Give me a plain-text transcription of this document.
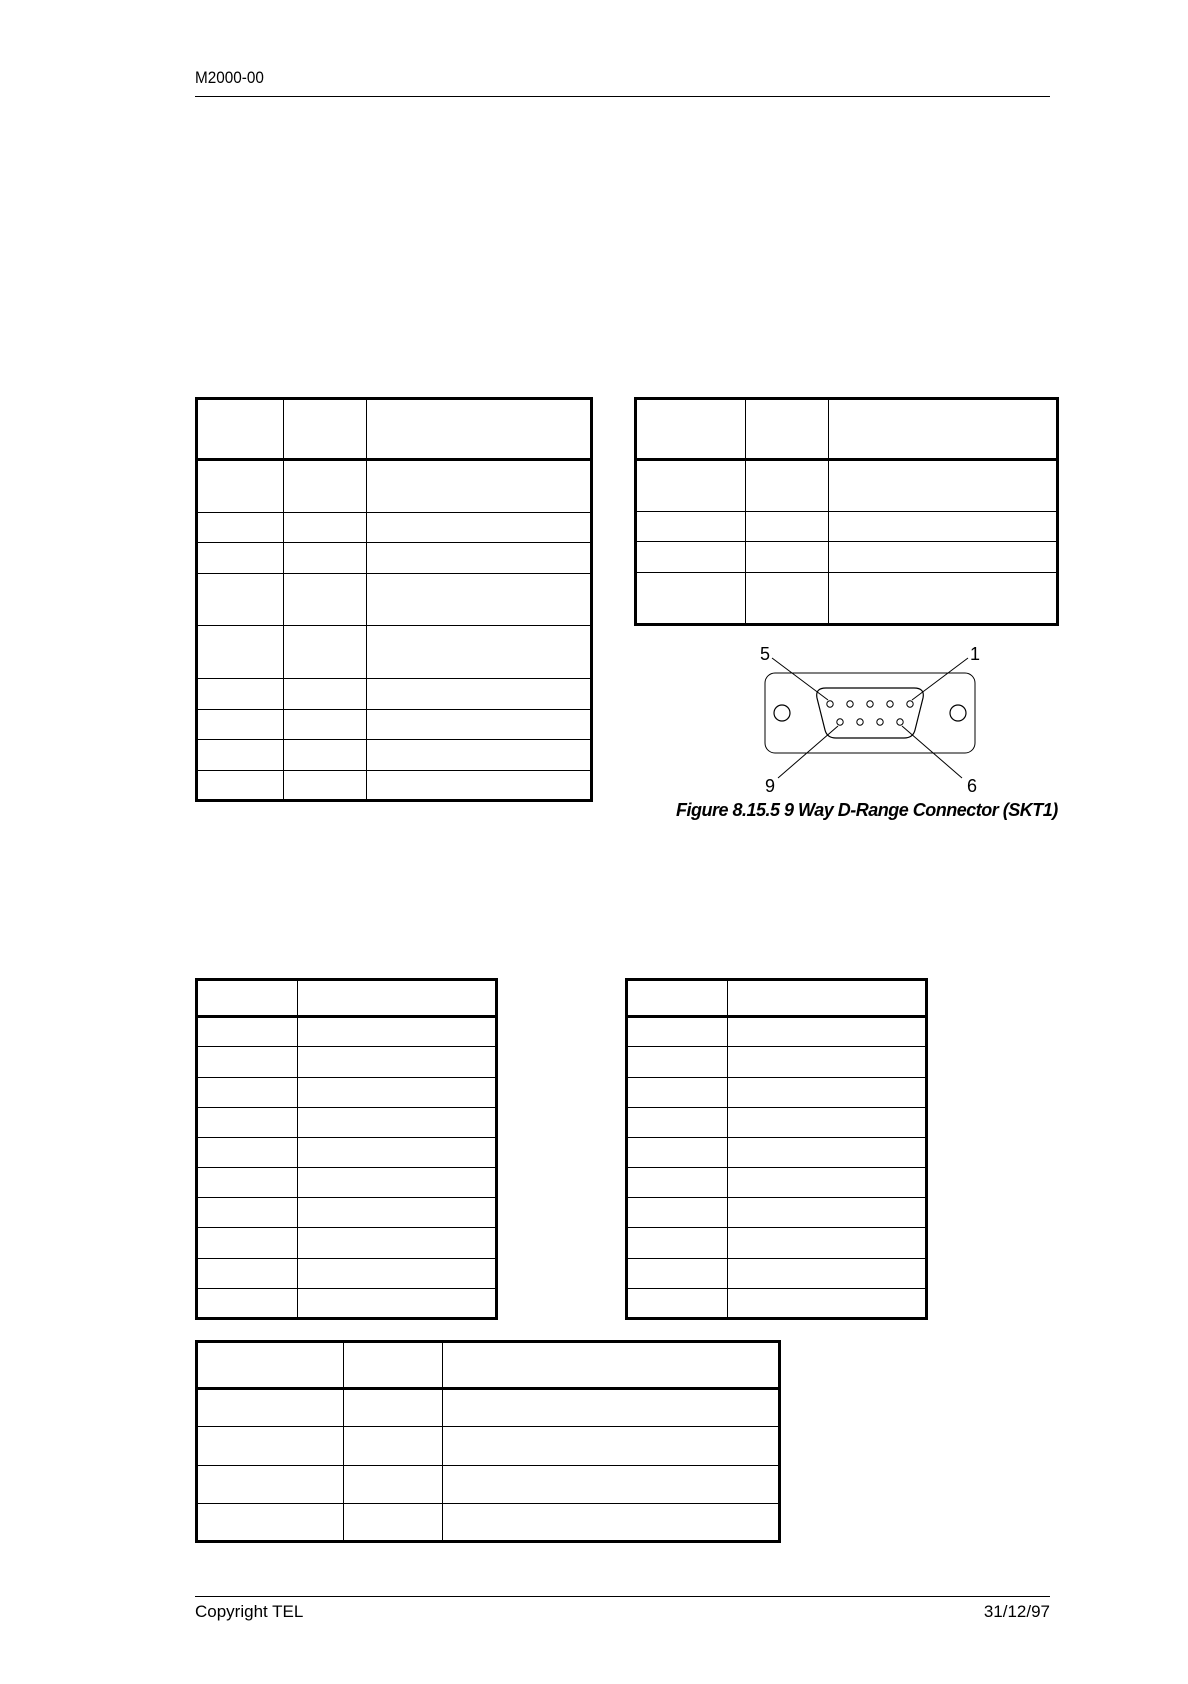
M2000-00

5	1
9	6
Figure 8.15.5 9 Way D-Range Connector (SKT1)

Copyright TEL	31/12/97
